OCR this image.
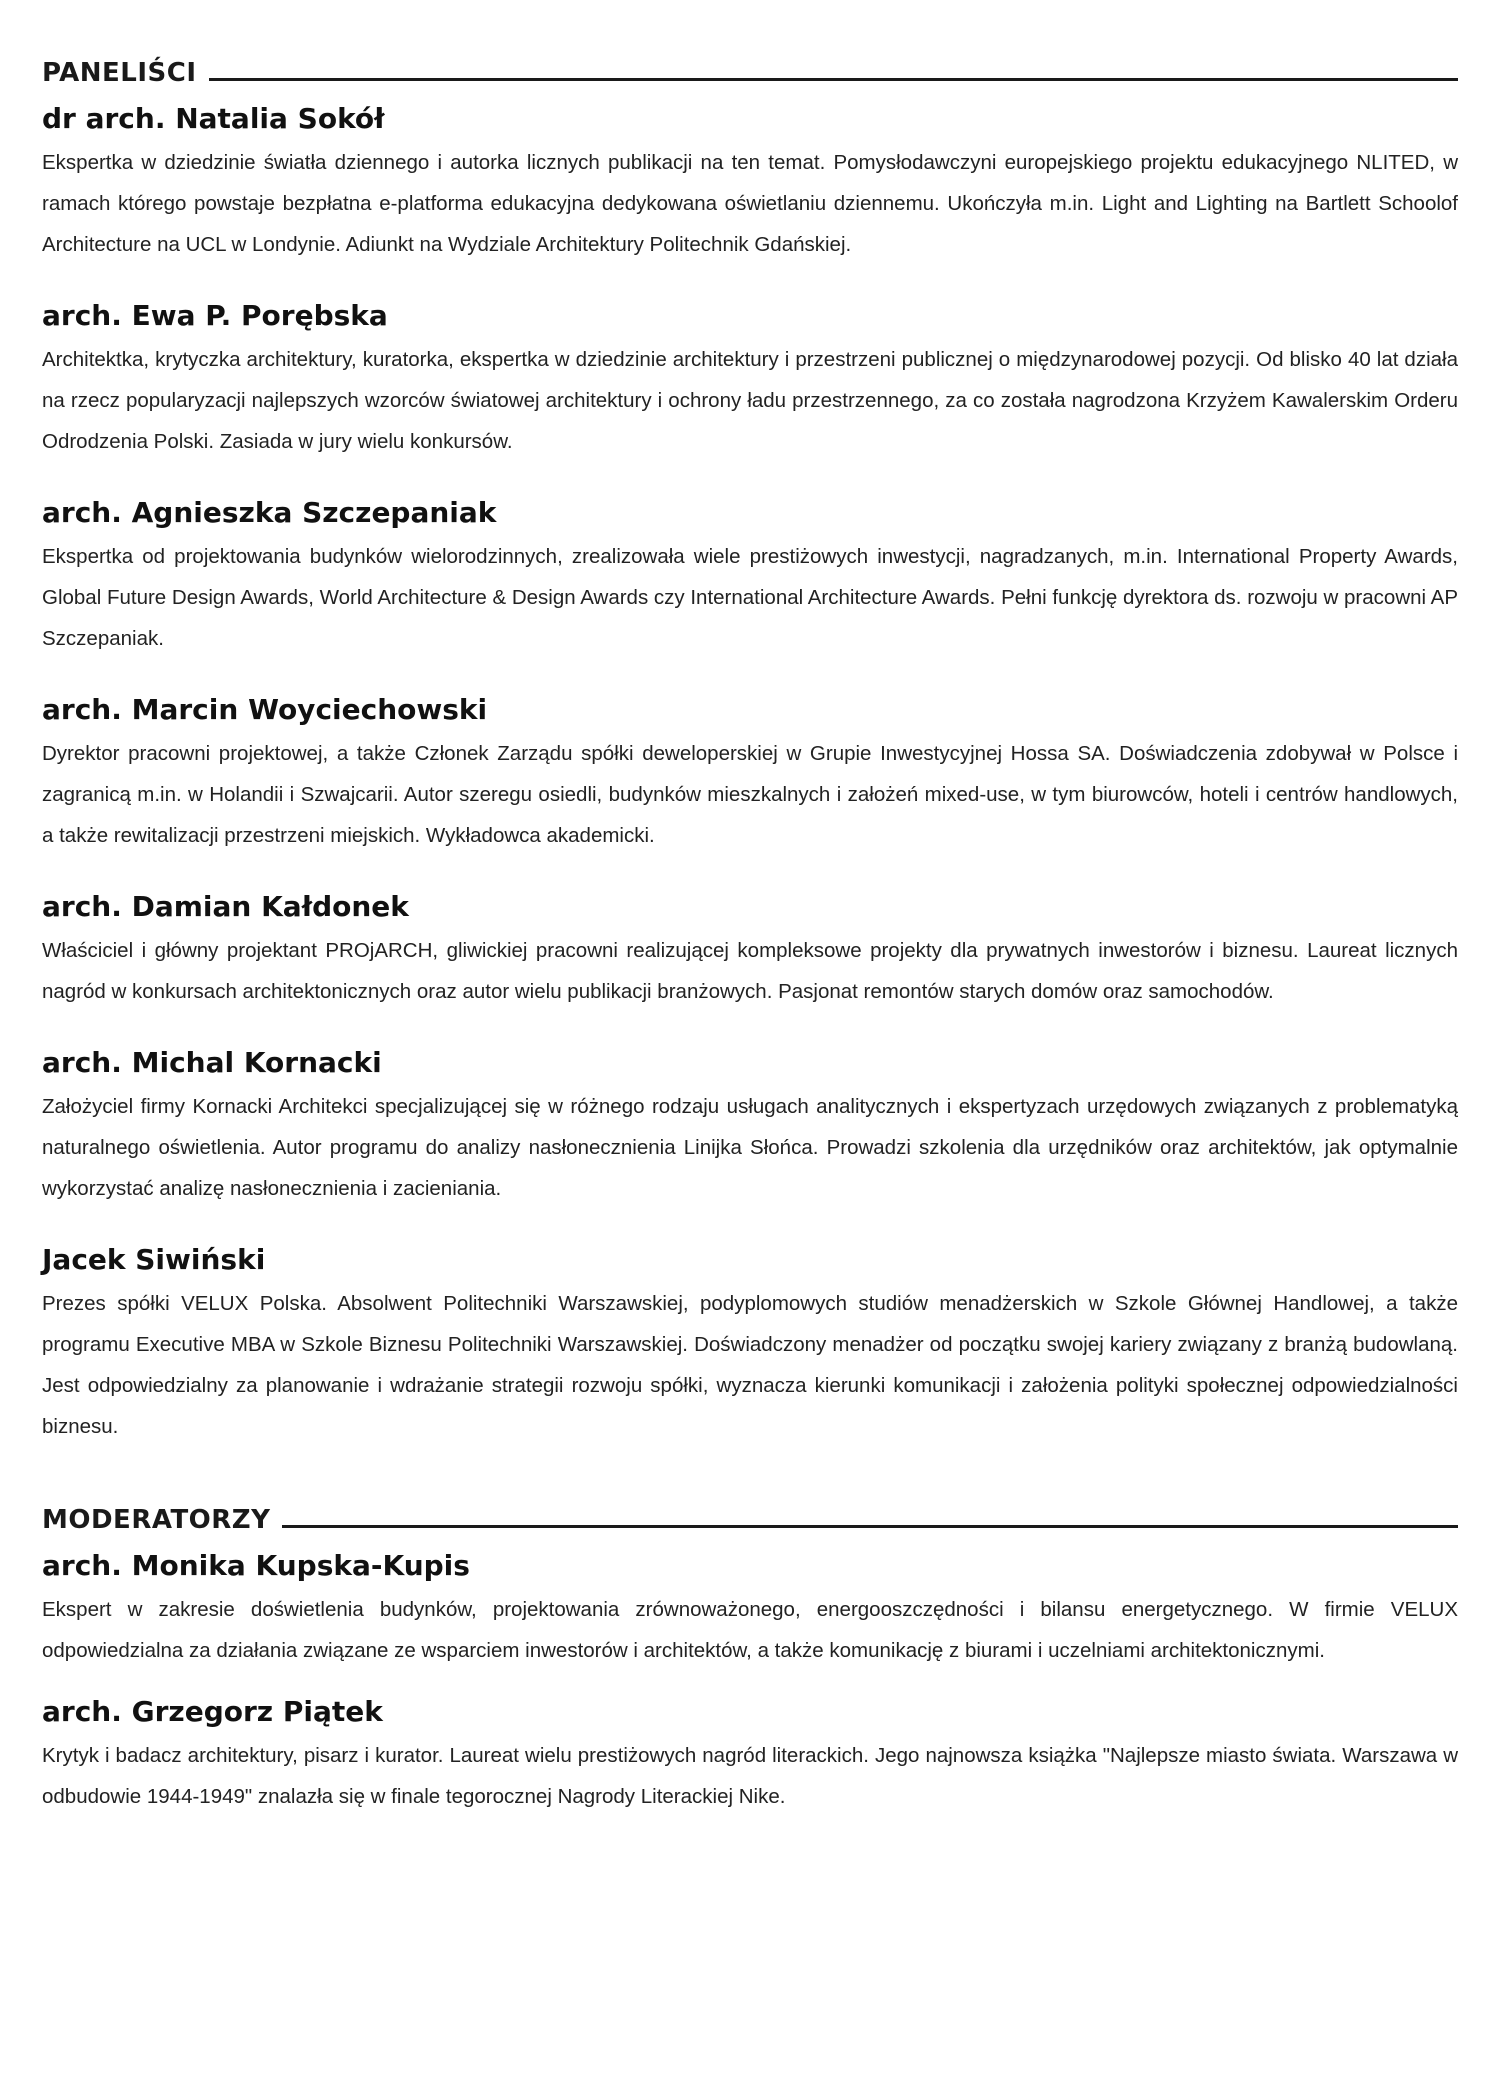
PANELIŚCI
dr arch. Natalia Sokół

Ekspertka w dziedzinie światła dziennego i autorka licznych publikacji na ten temat. Pomysłodawczyni europejskiego projektu edukacyjnego NLITED, w ramach którego powstaje bezpłatna e-platforma edukacyjna dedykowana oświetlaniu dziennemu. Ukończyła m.in. Light and Lighting na Bartlett Schoolof Architecture na UCL w Londynie. Adiunkt na Wydziale Architektury Politechnik Gdańskiej.

arch. Ewa P. Porębska

Architektka, krytyczka architektury, kuratorka, ekspertka w dziedzinie architektury i przestrzeni publicznej o międzynarodowej pozycji. Od blisko 40 lat działa na rzecz popularyzacji najlepszych wzorców światowej architektury i ochrony ładu przestrzennego, za co została nagrodzona Krzyżem Kawalerskim Orderu Odrodzenia Polski. Zasiada w jury wielu konkursów.

arch. Agnieszka Szczepaniak

Ekspertka od projektowania budynków wielorodzinnych, zrealizowała wiele prestiżowych inwestycji, nagradzanych, m.in. International Property Awards, Global Future Design Awards, World Architecture & Design Awards czy International Architecture Awards. Pełni funkcję dyrektora ds. rozwoju w pracowni AP Szczepaniak.

arch. Marcin Woyciechowski

Dyrektor pracowni projektowej, a także Członek Zarządu spółki deweloperskiej w Grupie Inwestycyjnej Hossa SA. Doświadczenia zdobywał w Polsce i zagranicą m.in. w Holandii i Szwajcarii. Autor szeregu osiedli, budynków mieszkalnych i założeń mixed-use, w tym biurowców, hoteli i centrów handlowych, a także rewitalizacji przestrzeni miejskich. Wykładowca akademicki.

arch. Damian Kałdonek

Właściciel i główny projektant PROjARCH, gliwickiej pracowni realizującej kompleksowe projekty dla prywatnych inwestorów i biznesu. Laureat licznych nagród w konkursach architektonicznych oraz autor wielu publikacji branżowych. Pasjonat remontów starych domów oraz samochodów.

arch. Michal Kornacki

Założyciel firmy Kornacki Architekci specjalizującej się w różnego rodzaju usługach analitycznych i ekspertyzach urzędowych związanych z problematyką naturalnego oświetlenia. Autor programu do analizy nasłonecznienia Linijka Słońca. Prowadzi szkolenia dla urzędników oraz architektów, jak optymalnie wykorzystać analizę nasłonecznienia i zacieniania.

Jacek Siwiński

Prezes spółki VELUX Polska. Absolwent Politechniki Warszawskiej, podyplomowych studiów menadżerskich w Szkole Głównej Handlowej, a także programu Executive MBA w Szkole Biznesu Politechniki Warszawskiej. Doświadczony menadżer od początku swojej kariery związany z branżą budowlaną. Jest odpowiedzialny za planowanie i wdrażanie strategii rozwoju spółki, wyznacza kierunki komunikacji i założenia polityki społecznej odpowiedzialności biznesu.

MODERATORZY
arch. Monika Kupska-Kupis

Ekspert w zakresie doświetlenia budynków, projektowania zrównoważonego, energooszczędności i bilansu energetycznego. W firmie VELUX odpowiedzialna za działania związane ze wsparciem inwestorów i architektów, a także komunikację z biurami i uczelniami architektonicznymi.

arch. Grzegorz Piątek

Krytyk i badacz architektury, pisarz i kurator. Laureat wielu prestiżowych nagród literackich. Jego najnowsza książka "Najlepsze miasto świata. Warszawa w odbudowie 1944-1949" znalazła się w finale tegorocznej Nagrody Literackiej Nike.
